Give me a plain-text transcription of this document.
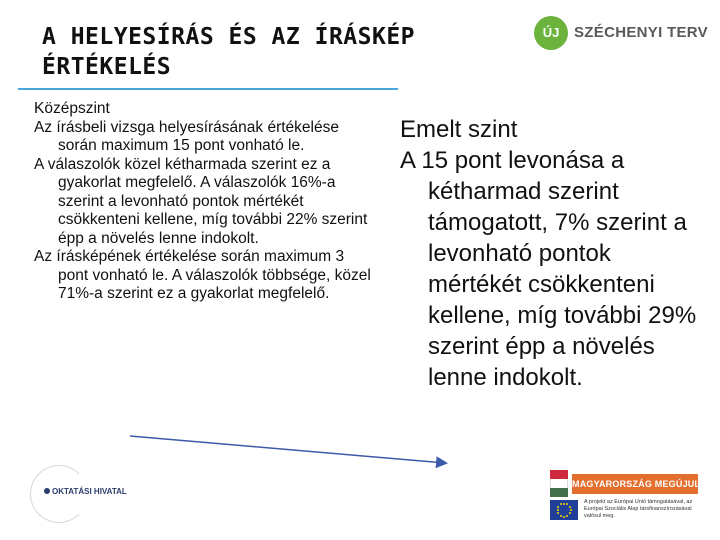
A HELYESÍRÁS ÉS AZ ÍRÁSKÉP
ÉRTÉKELÉS
ÚJ SZÉCHENYI TERV

Középszint

Az írásbeli vizsga helyesírásának értékelése során maximum 15 pont vonható le.

A válaszolók közel kétharmada szerint ez a gyakorlat megfelelő. A válaszolók 16%-a szerint a levonható pontok mértékét csökkenteni kellene, míg további 22% szerint épp a növelés lenne indokolt.

Az írásképének értékelése során maximum 3 pont vonható le. A válaszolók többsége, közel 71%-a szerint ez a gyakorlat megfelelő.

Emelt szint

A 15 pont levonása a kétharmad szerint támogatott, 7% szerint a levonható pontok mértékét csökkenteni kellene, míg további 29% szerint épp a növelés lenne indokolt.

OKTATÁSI HIVATAL
MAGYARORSZÁG MEGÚJUL
A projekt az Európai Unió támogatásával, az Európai Szociális Alap társfinanszírozásával valósul meg.
